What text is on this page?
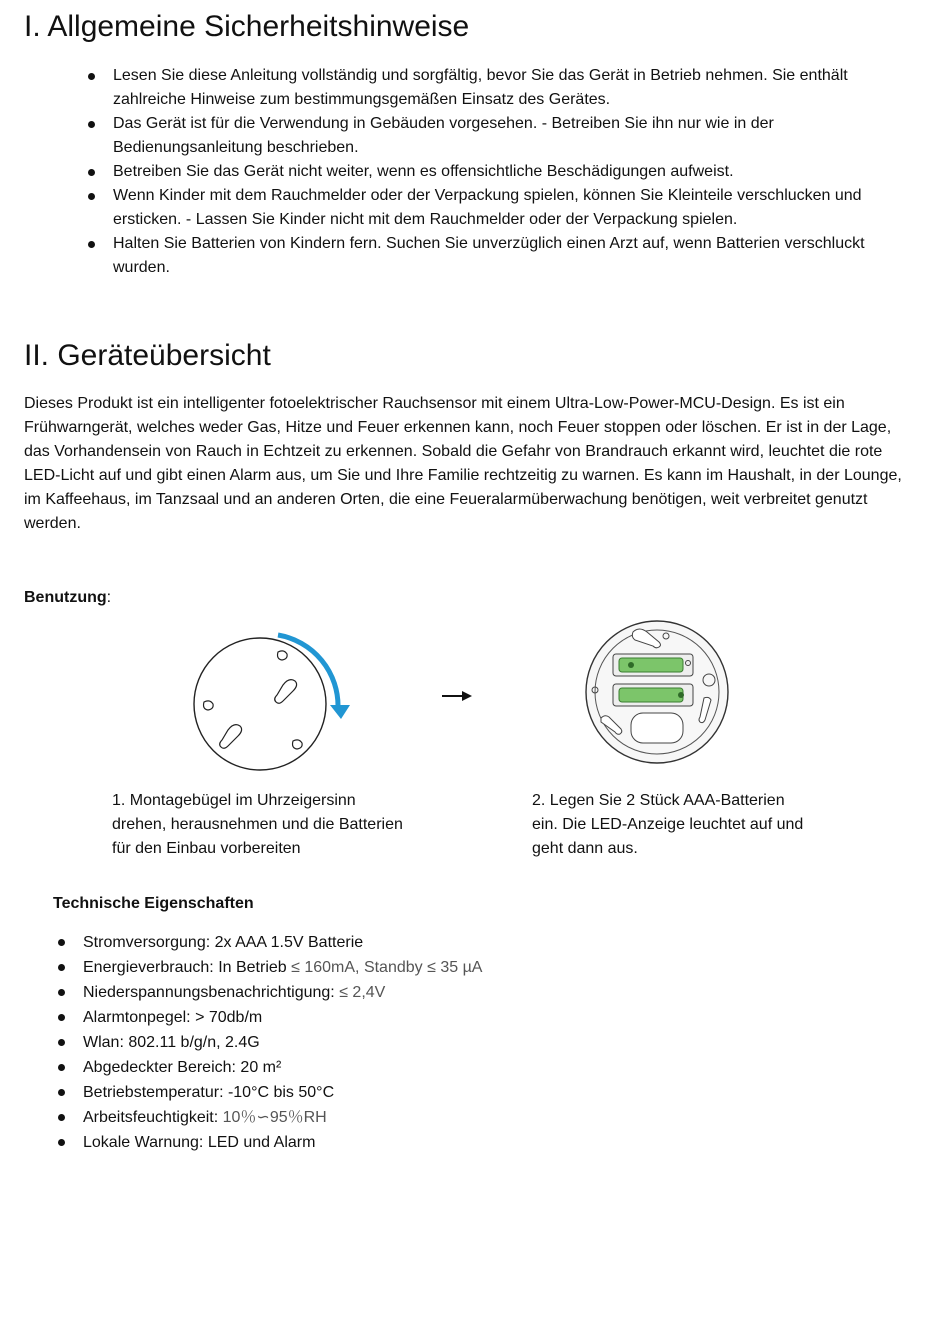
I. Allgemeine Sicherheitshinweise
Lesen Sie diese Anleitung vollständig und sorgfältig, bevor Sie das Gerät in Betrieb nehmen. Sie enthält zahlreiche Hinweise zum bestimmungsgemäßen Einsatz des Gerätes.
Das Gerät ist für die Verwendung in Gebäuden vorgesehen. - Betreiben Sie ihn nur wie in der Bedienungsanleitung beschrieben.
Betreiben Sie das Gerät nicht weiter, wenn es offensichtliche Beschädigungen aufweist.
Wenn Kinder mit dem Rauchmelder oder der Verpackung spielen, können Sie Kleinteile verschlucken und ersticken. - Lassen Sie Kinder nicht mit dem Rauchmelder oder der Verpackung spielen.
Halten Sie Batterien von Kindern fern. Suchen Sie unverzüglich einen Arzt auf, wenn Batterien verschluckt wurden.
II. Geräteübersicht

Dieses Produkt ist ein intelligenter fotoelektrischer Rauchsensor mit einem Ultra-Low-Power-MCU-Design. Es ist ein Frühwarngerät, welches weder Gas, Hitze und Feuer erkennen kann, noch Feuer stoppen oder löschen. Er ist in der Lage, das Vorhandensein von Rauch in Echtzeit zu erkennen. Sobald die Gefahr von Brandrauch erkannt wird, leuchtet die rote LED-Licht auf und gibt einen Alarm aus, um Sie und Ihre Familie rechtzeitig zu warnen. Es kann im Haushalt, in der Lounge, im Kaffeehaus, im Tanzsaal und an anderen Orten, die eine Feueralarmüberwachung benötigen, weit verbreitet genutzt werden.

Benutzung:

1. Montagebügel im Uhrzeigersinn drehen, herausnehmen und die Batterien für den Einbau vorbereiten

2. Legen Sie 2 Stück AAA-Batterien ein. Die LED-Anzeige leuchtet auf und geht dann aus.

Technische Eigenschaften
Stromversorgung: 2x AAA 1.5V Batterie
Energieverbrauch: In Betrieb ≤ 160mA, Standby ≤ 35 µA
Niederspannungsbenachrichtigung: ≤ 2,4V
Alarmtonpegel: > 70db/m
Wlan: 802.11 b/g/n, 2.4G
Abgedeckter Bereich: 20 m²
Betriebstemperatur: -10°C bis 50°C
Arbeitsfeuchtigkeit: 10％∽95％RH
Lokale Warnung: LED und Alarm
